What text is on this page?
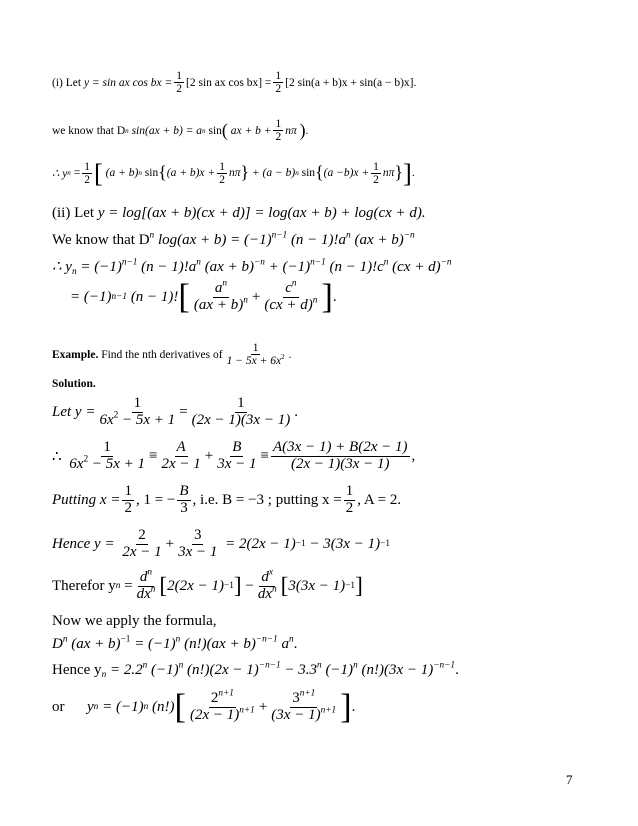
(i) Let
y = sin ax cos bx = $\frac{1}{2} [2$ sin ax $\cos bx] = \frac{1}{2} [2$ sin(a + b)x + sin(a − b)x].
we know that D n
sin(ax + b) = a n
sin (
ax + $b + \frac{1}{2}$ nπ
) .
∴ y n
= $\frac{1}{2}$ [
(a + b) n
sin { $(a + b)x + \frac{1}{2}$ nπ }
+ (a − b) n
sin { $(a -b)x + \frac{1}{2}$ nπ } ] .
(ii) Let y = log[(ax + b)(cx + d)] = log(ax + b) + log(cx + d).
We know that $D^n$ $\log(ax + b) = (-1)^{n-1}$ $(n - 1)!a^n$ (ax + b)$^{-n}$
∴ $y_n = (-1)^{n-1}$ $(n - 1)!a^n$ $(ax + b)^{-n} + (-1)^{n-1}$ $(n - 1)!c^n$ (cx + d)$^{-n}$
= (−1) n−1
(n − 1)! [ $a^n$
$(ax + b)^n + \frac{c^n}{(cx + d)^n}$ ] .
Example.
Find the nth derivatives of
1
$1 - 5x + 6x^2$ .
Solution.
Let $y = \frac{1}{6x^2 - 5x + 1} = \frac{1}{(2x - 1)(3x - 1)}$ .
∴

1
$6x^2 - 5x + 1$ ≡
A
$2x - 1 + \frac{B}{3x - 1}$ ≡
A(3x − 1) + B(2x − 1)
(2x − 1)(3x − 1) ,
Putting $x = \frac{1}{2}$ , 1 = − $\frac{B}{3}$ , i.e. B = −3 ; putting $x = \frac{1}{2}$ , A = 2.
Hence y =
$\frac{2}{2x - 1} + \frac{3}{3x - 1}$
= 2(2x − 1) −1
− 3(3x − 1) −1
Therefor y n
=
$d^n$
$dx^n$ [ 2(2x − 1) −1 ]
−
$d^x$
$dx^n$ [ 3(3x − 1) −1 ]
Now we apply the formula,
$D^n$ $(ax + b)^{-1} = (-1)^n$ (n!)(ax + b)$^{-n-1}$ $a^n$.
Hence $y_n = 2.2^n$ $(-1)^n$ $(n!)(2x - 1)^{-n-1} - 3.3^n$ $(-1)^n$ $(n!)(3x - 1)^{-n-1}$.
or
y n
= (−1) n
(n!) [ $2^{n+1}$
$(2x - 1)^{n+1} + \frac{3^{n+1}}{(3x - 1)^{n+1}}$ ] .
7
